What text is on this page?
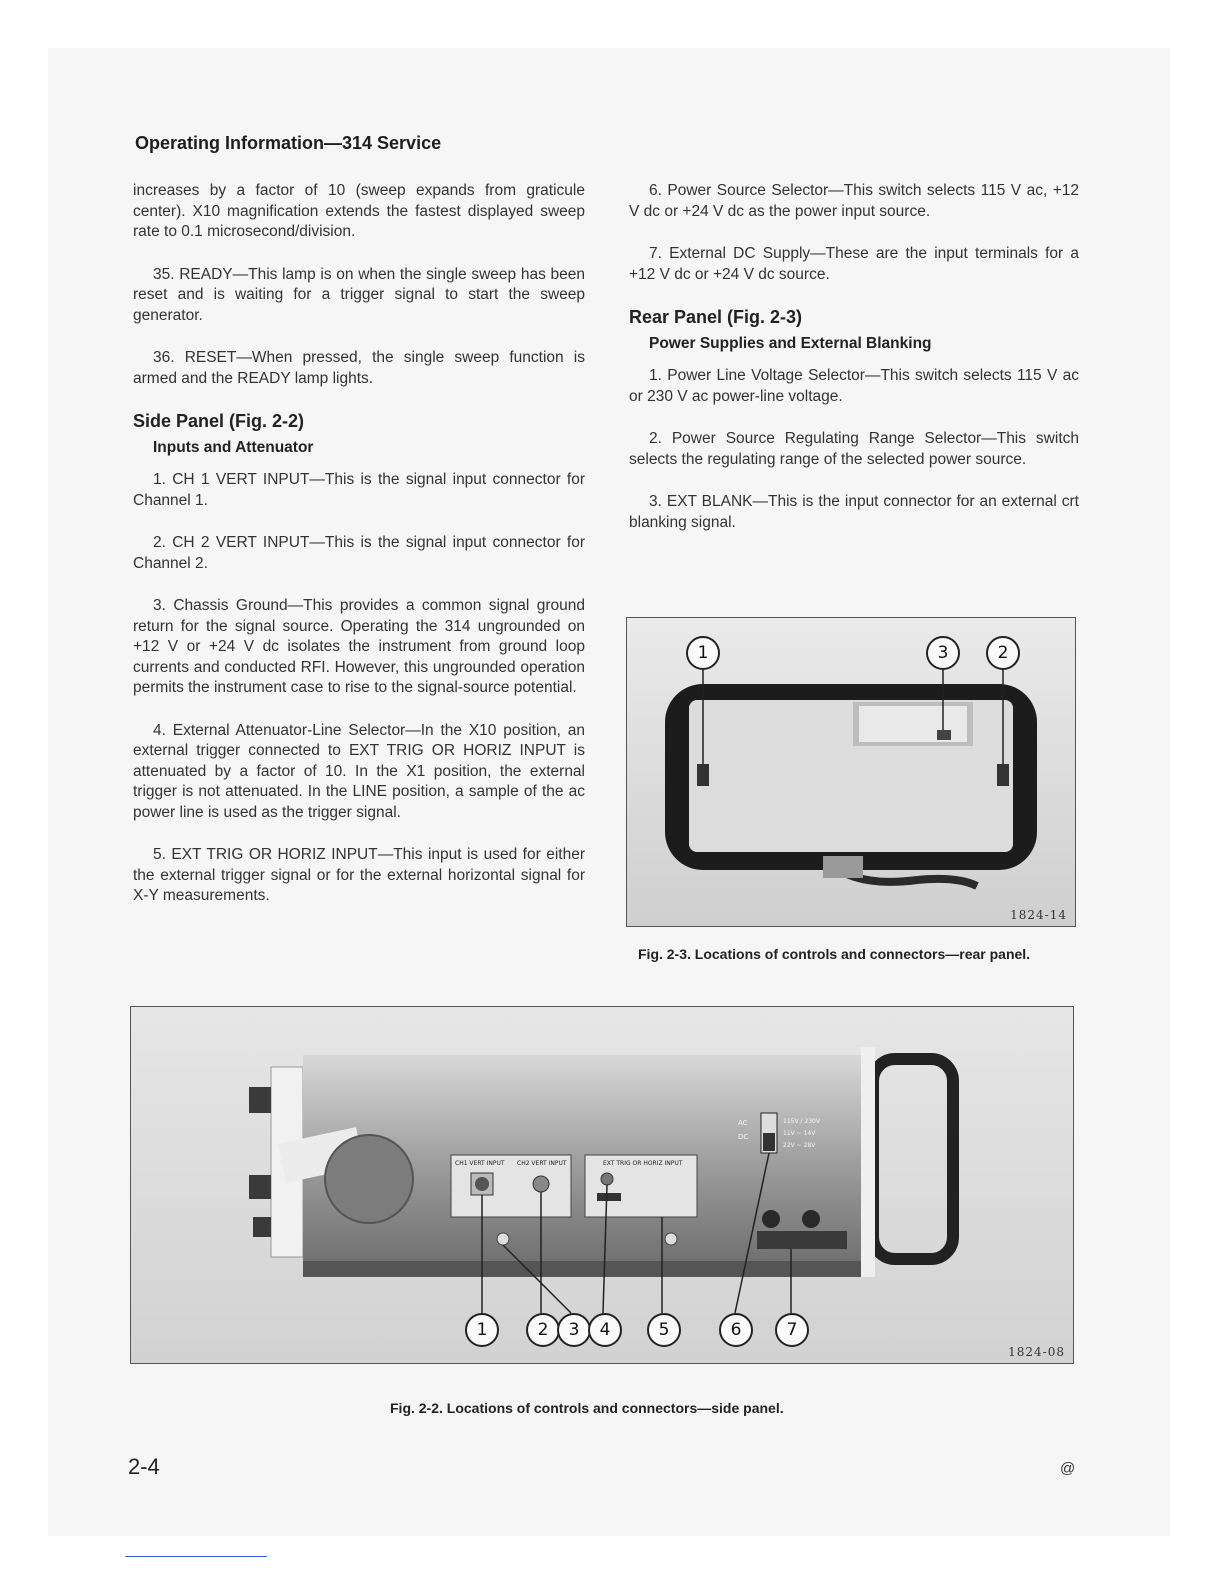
Operating Information—314 Service

increases by a factor of 10 (sweep expands from graticule center). X10 magnification extends the fastest displayed sweep rate to 0.1 microsecond/division.

35. READY—This lamp is on when the single sweep has been reset and is waiting for a trigger signal to start the sweep generator.

36. RESET—When pressed, the single sweep function is armed and the READY lamp lights.

Side Panel (Fig. 2-2)
Inputs and Attenuator

1. CH 1 VERT INPUT—This is the signal input connector for Channel 1.

2. CH 2 VERT INPUT—This is the signal input connector for Channel 2.

3. Chassis Ground—This provides a common signal ground return for the signal source. Operating the 314 ungrounded on +12 V or +24 V dc isolates the instrument from ground loop currents and conducted RFI. However, this ungrounded operation permits the instrument case to rise to the signal-source potential.

4. External Attenuator-Line Selector—In the X10 position, an external trigger connected to EXT TRIG OR HORIZ INPUT is attenuated by a factor of 10. In the X1 position, the external trigger is not attenuated. In the LINE position, a sample of the ac power line is used as the trigger signal.

5. EXT TRIG OR HORIZ INPUT—This input is used for either the external trigger signal or for the external horizontal signal for X-Y measurements.

6. Power Source Selector—This switch selects 115 V ac, +12 V dc or +24 V dc as the power input source.

7. External DC Supply—These are the input terminals for a +12 V dc or +24 V dc source.

Rear Panel (Fig. 2-3)
Power Supplies and External Blanking

1. Power Line Voltage Selector—This switch selects 115 V ac or 230 V ac power-line voltage.

2. Power Source Regulating Range Selector—This switch selects the regulating range of the selected power source.

3. EXT BLANK—This is the input connector for an external crt blanking signal.

1	3	2
1824-14
Fig. 2-3. Locations of controls and connectors—rear panel.
CH1 VERT INPUT CH2 VERT INPUT	EXT TRIG OR HORIZ INPUT
AC
DC
115V / 230V
11V ~ 14V
22V ~ 28V
1	2	3	4	5	6	7
1824-08
Fig. 2-2. Locations of controls and connectors—side panel.
2-4	@
